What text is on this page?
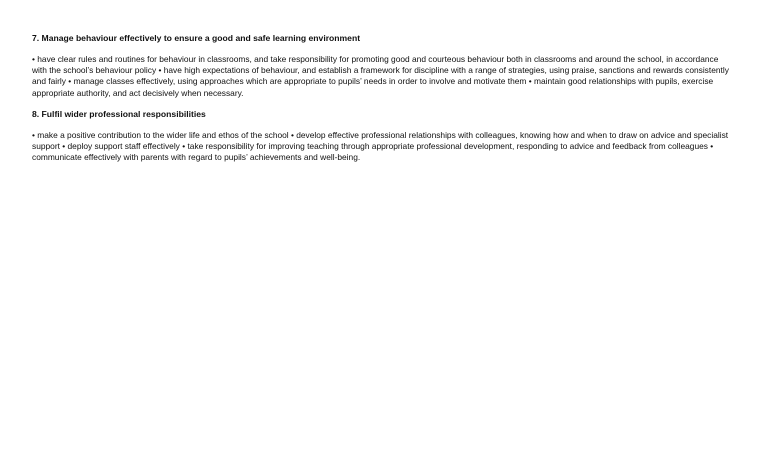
7. Manage behaviour effectively to ensure a good and safe learning environment
• have clear rules and routines for behaviour in classrooms, and take responsibility for promoting good and courteous behaviour both in classrooms and around the school, in accordance with the school’s behaviour policy • have high expectations of behaviour, and establish a framework for discipline with a range of strategies, using praise, sanctions and rewards consistently and fairly • manage classes effectively, using approaches which are appropriate to pupils’ needs in order to involve and motivate them • maintain good relationships with pupils, exercise appropriate authority, and act decisively when necessary.
8. Fulfil wider professional responsibilities
• make a positive contribution to the wider life and ethos of the school • develop effective professional relationships with colleagues, knowing how and when to draw on advice and specialist support • deploy support staff effectively • take responsibility for improving teaching through appropriate professional development, responding to advice and feedback from colleagues • communicate effectively with parents with regard to pupils’ achievements and well-being.
